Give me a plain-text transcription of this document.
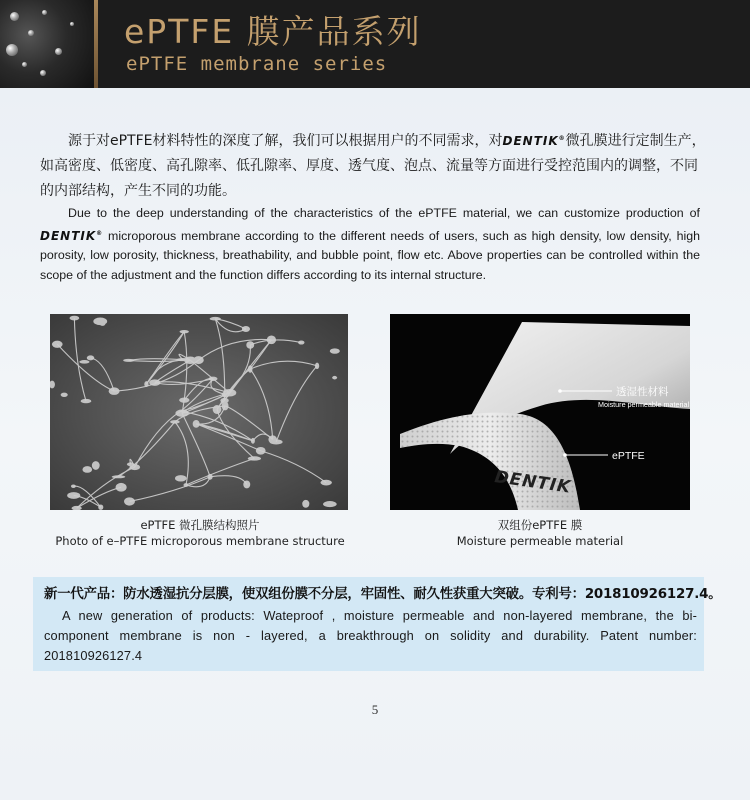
ePTFE 膜产品系列
ePTFE membrane series
源于对ePTFE材料特性的深度了解，我们可以根据用户的不同需求，对DENTIK®微孔膜进行定制生产，如高密度、低密度、高孔隙率、低孔隙率、厚度、透气度、泡点、流量等方面进行受控范围内的调整，不同的内部结构，产生不同的功能。
Due to the deep understanding of the characteristics of the ePTFE material, we can customize production of DENTIK® microporous membrane according to the different needs of users, such as high density, low density, high porosity, low porosity, thickness, breathability, and bubble point, flow etc. Above properties can be controlled within the scope of the adjustment and the function differs according to its internal structure.
DENTIK
透湿性材料
Moisture permeable material
ePTFE
ePTFE 微孔膜结构照片
Photo of e–PTFE microporous membrane structure
双组份ePTFE 膜
Moisture permeable material
新一代产品：防水透湿抗分层膜，使双组份膜不分层，牢固性、耐久性获重大突破。专利号：201810926127.4。
A new generation of products: Wateproof , moisture permeable and non-layered membrane, the bi-component membrane is non - layered, a breakthrough on solidity and durability. Patent number: 201810926127.4
5
